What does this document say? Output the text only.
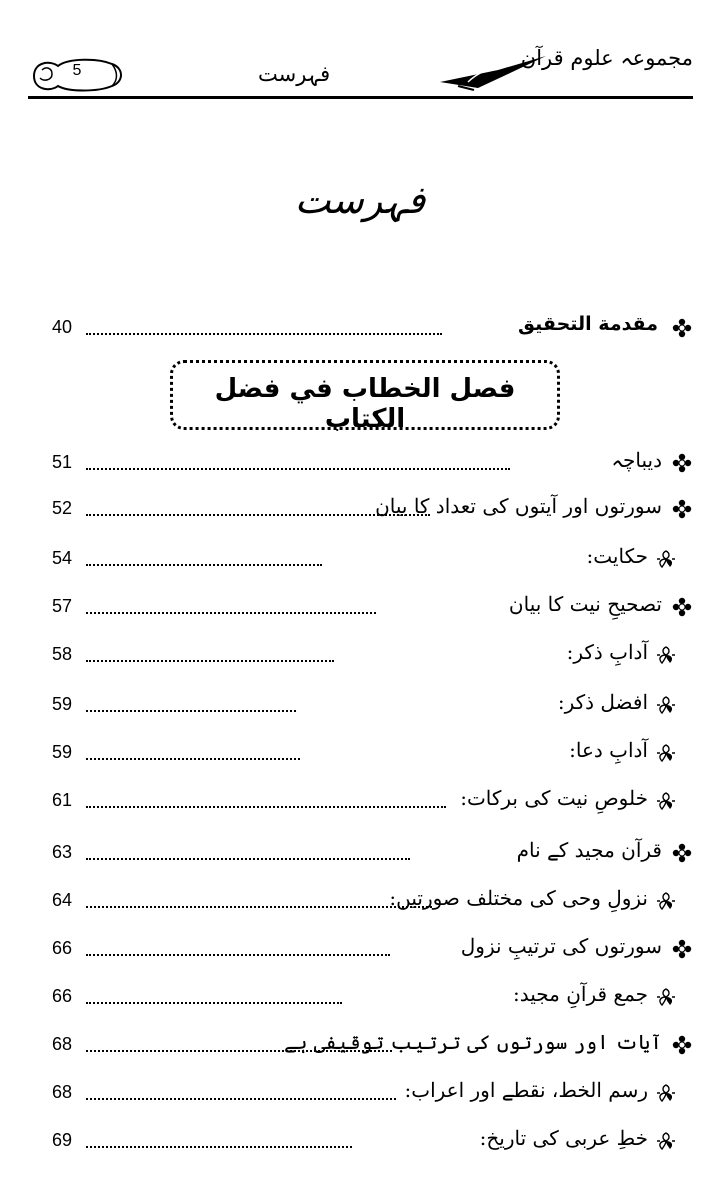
مجموعہ علوم قرآن
فہرست
5
فہرست
40	مقدمة التحقيق
فصل الخطاب في فضل الكتاب
51	دیباچہ
52	سورتوں اور آیتوں کی تعداد کا بیان
54	حکایت:
57	تصحیحِ نیت کا بیان
58	آدابِ ذکر:
59	افضل ذکر:
59	آدابِ دعا:
61	خلوصِ نیت کی برکات:
63	قرآن مجید کے نام
64	نزولِ وحی کی مختلف صورتیں:
66	سورتوں کی ترتیبِ نزول
66	جمع قرآنِ مجید:
68	آیات اور سورتوں کی ترتیب توقیفی ہے
68	رسم الخط، نقطے اور اعراب:
69	خطِ عربی کی تاریخ:
